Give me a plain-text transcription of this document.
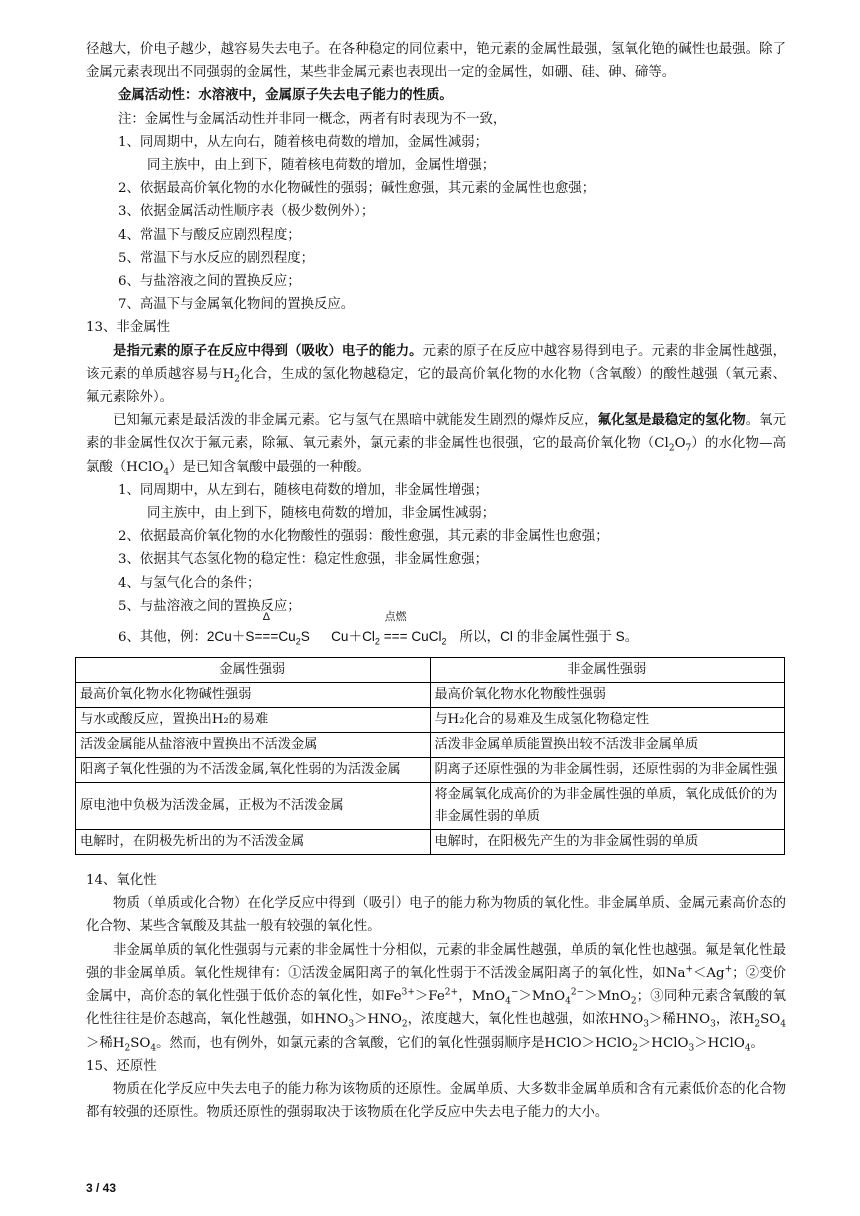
径越大，价电子越少，越容易失去电子。在各种稳定的同位素中，铯元素的金属性最强，氢氧化铯的碱性也最强。除了金属元素表现出不同强弱的金属性，某些非金属元素也表现出一定的金属性，如硼、硅、砷、碲等。

金属活动性：水溶液中，金属原子失去电子能力的性质。

注：金属性与金属活动性并非同一概念，两者有时表现为不一致，

1、同周期中，从左向右，随着核电荷数的增加，金属性减弱；

同主族中，由上到下，随着核电荷数的增加，金属性增强；

2、依据最高价氧化物的水化物碱性的强弱；碱性愈强，其元素的金属性也愈强；

3、依据金属活动性顺序表（极少数例外）；

4、常温下与酸反应剧烈程度；

5、常温下与水反应的剧烈程度；

6、与盐溶液之间的置换反应；

7、高温下与金属氧化物间的置换反应。

13、非金属性

是指元素的原子在反应中得到（吸收）电子的能力。元素的原子在反应中越容易得到电子。元素的非金属性越强，该元素的单质越容易与$H_2$化合，生成的氢化物越稳定，它的最高价氧化物的水化物（含氧酸）的酸性越强（氧元素、氟元素除外）。

已知氟元素是最活泼的非金属元素。它与氢气在黑暗中就能发生剧烈的爆炸反应，氟化氢是最稳定的氢化物。氧元素的非金属性仅次于氟元素，除氟、氧元素外，氯元素的非金属性也很强，它的最高价氧化物$(Cl_2O_7)$的水化物—高氯酸（HClO$_4$）是已知含氧酸中最强的一种酸。

1、同周期中，从左到右，随核电荷数的增加，非金属性增强；

同主族中，由上到下，随核电荷数的增加，非金属性减弱；

2、依据最高价氧化物的水化物酸性的强弱：酸性愈强，其元素的非金属性也愈强；

3、依据其气态氢化物的稳定性：稳定性愈强，非金属性愈强；

4、与氢气化合的条件；

5、与盐溶液之间的置换反应；

6、其他，例：2Cu＋S
Δ
$===Cu_2S$ $Cu+Cl_2$
点燃
=== CuCl$_2$ 所以，Cl 的非金属性强于 S。

金属性强弱	非金属性强弱
最高价氧化物水化物碱性强弱	最高价氧化物水化物酸性强弱
与水或酸反应，置换出H₂的易难	与H₂化合的易难及生成氢化物稳定性
活泼金属能从盐溶液中置换出不活泼金属	活泼非金属单质能置换出较不活泼非金属单质
阳离子氧化性强的为不活泼金属,氧化性弱的为活泼金属	阴离子还原性强的为非金属性弱，还原性弱的为非金属性强
原电池中负极为活泼金属，正极为不活泼金属	将金属氧化成高价的为非金属性强的单质，氧化成低价的为非金属性弱的单质
电解时，在阴极先析出的为不活泼金属	电解时，在阳极先产生的为非金属性弱的单质

14、氧化性

物质（单质或化合物）在化学反应中得到（吸引）电子的能力称为物质的氧化性。非金属单质、金属元素高价态的化合物、某些含氧酸及其盐一般有较强的氧化性。

非金属单质的氧化性强弱与元素的非金属性十分相似，元素的非金属性越强，单质的氧化性也越强。氟是氧化性最强的非金属单质。氧化性规律有：①活泼金属阳离子的氧化性弱于不活泼金属阳离子的氧化性，如Na+＜Ag+；②变价金属中，高价态的氧化性强于低价态的氧化性，如$Fe^{3+}>Fe^{2+}$，MnO$_4$−＞MnO$_4^{2-}$＞MnO$_2$；③同种元素含氧酸的氧化性往往是价态越高，氧化性越强，如$HNO_3>HNO_2$，浓度越大，氧化性也越强，如浓$HNO_3>$稀$HNO_3$，浓$H_2SO_4>$稀$H_2SO_4$。然而，也有例外，如氯元素的含氧酸，它们的氧化性强弱顺序是HClO＞HClO$_2$＞HClO$_3$＞HClO$_4$。

15、还原性

物质在化学反应中失去电子的能力称为该物质的还原性。金属单质、大多数非金属单质和含有元素低价态的化合物都有较强的还原性。物质还原性的强弱取决于该物质在化学反应中失去电子能力的大小。

3 / 43
